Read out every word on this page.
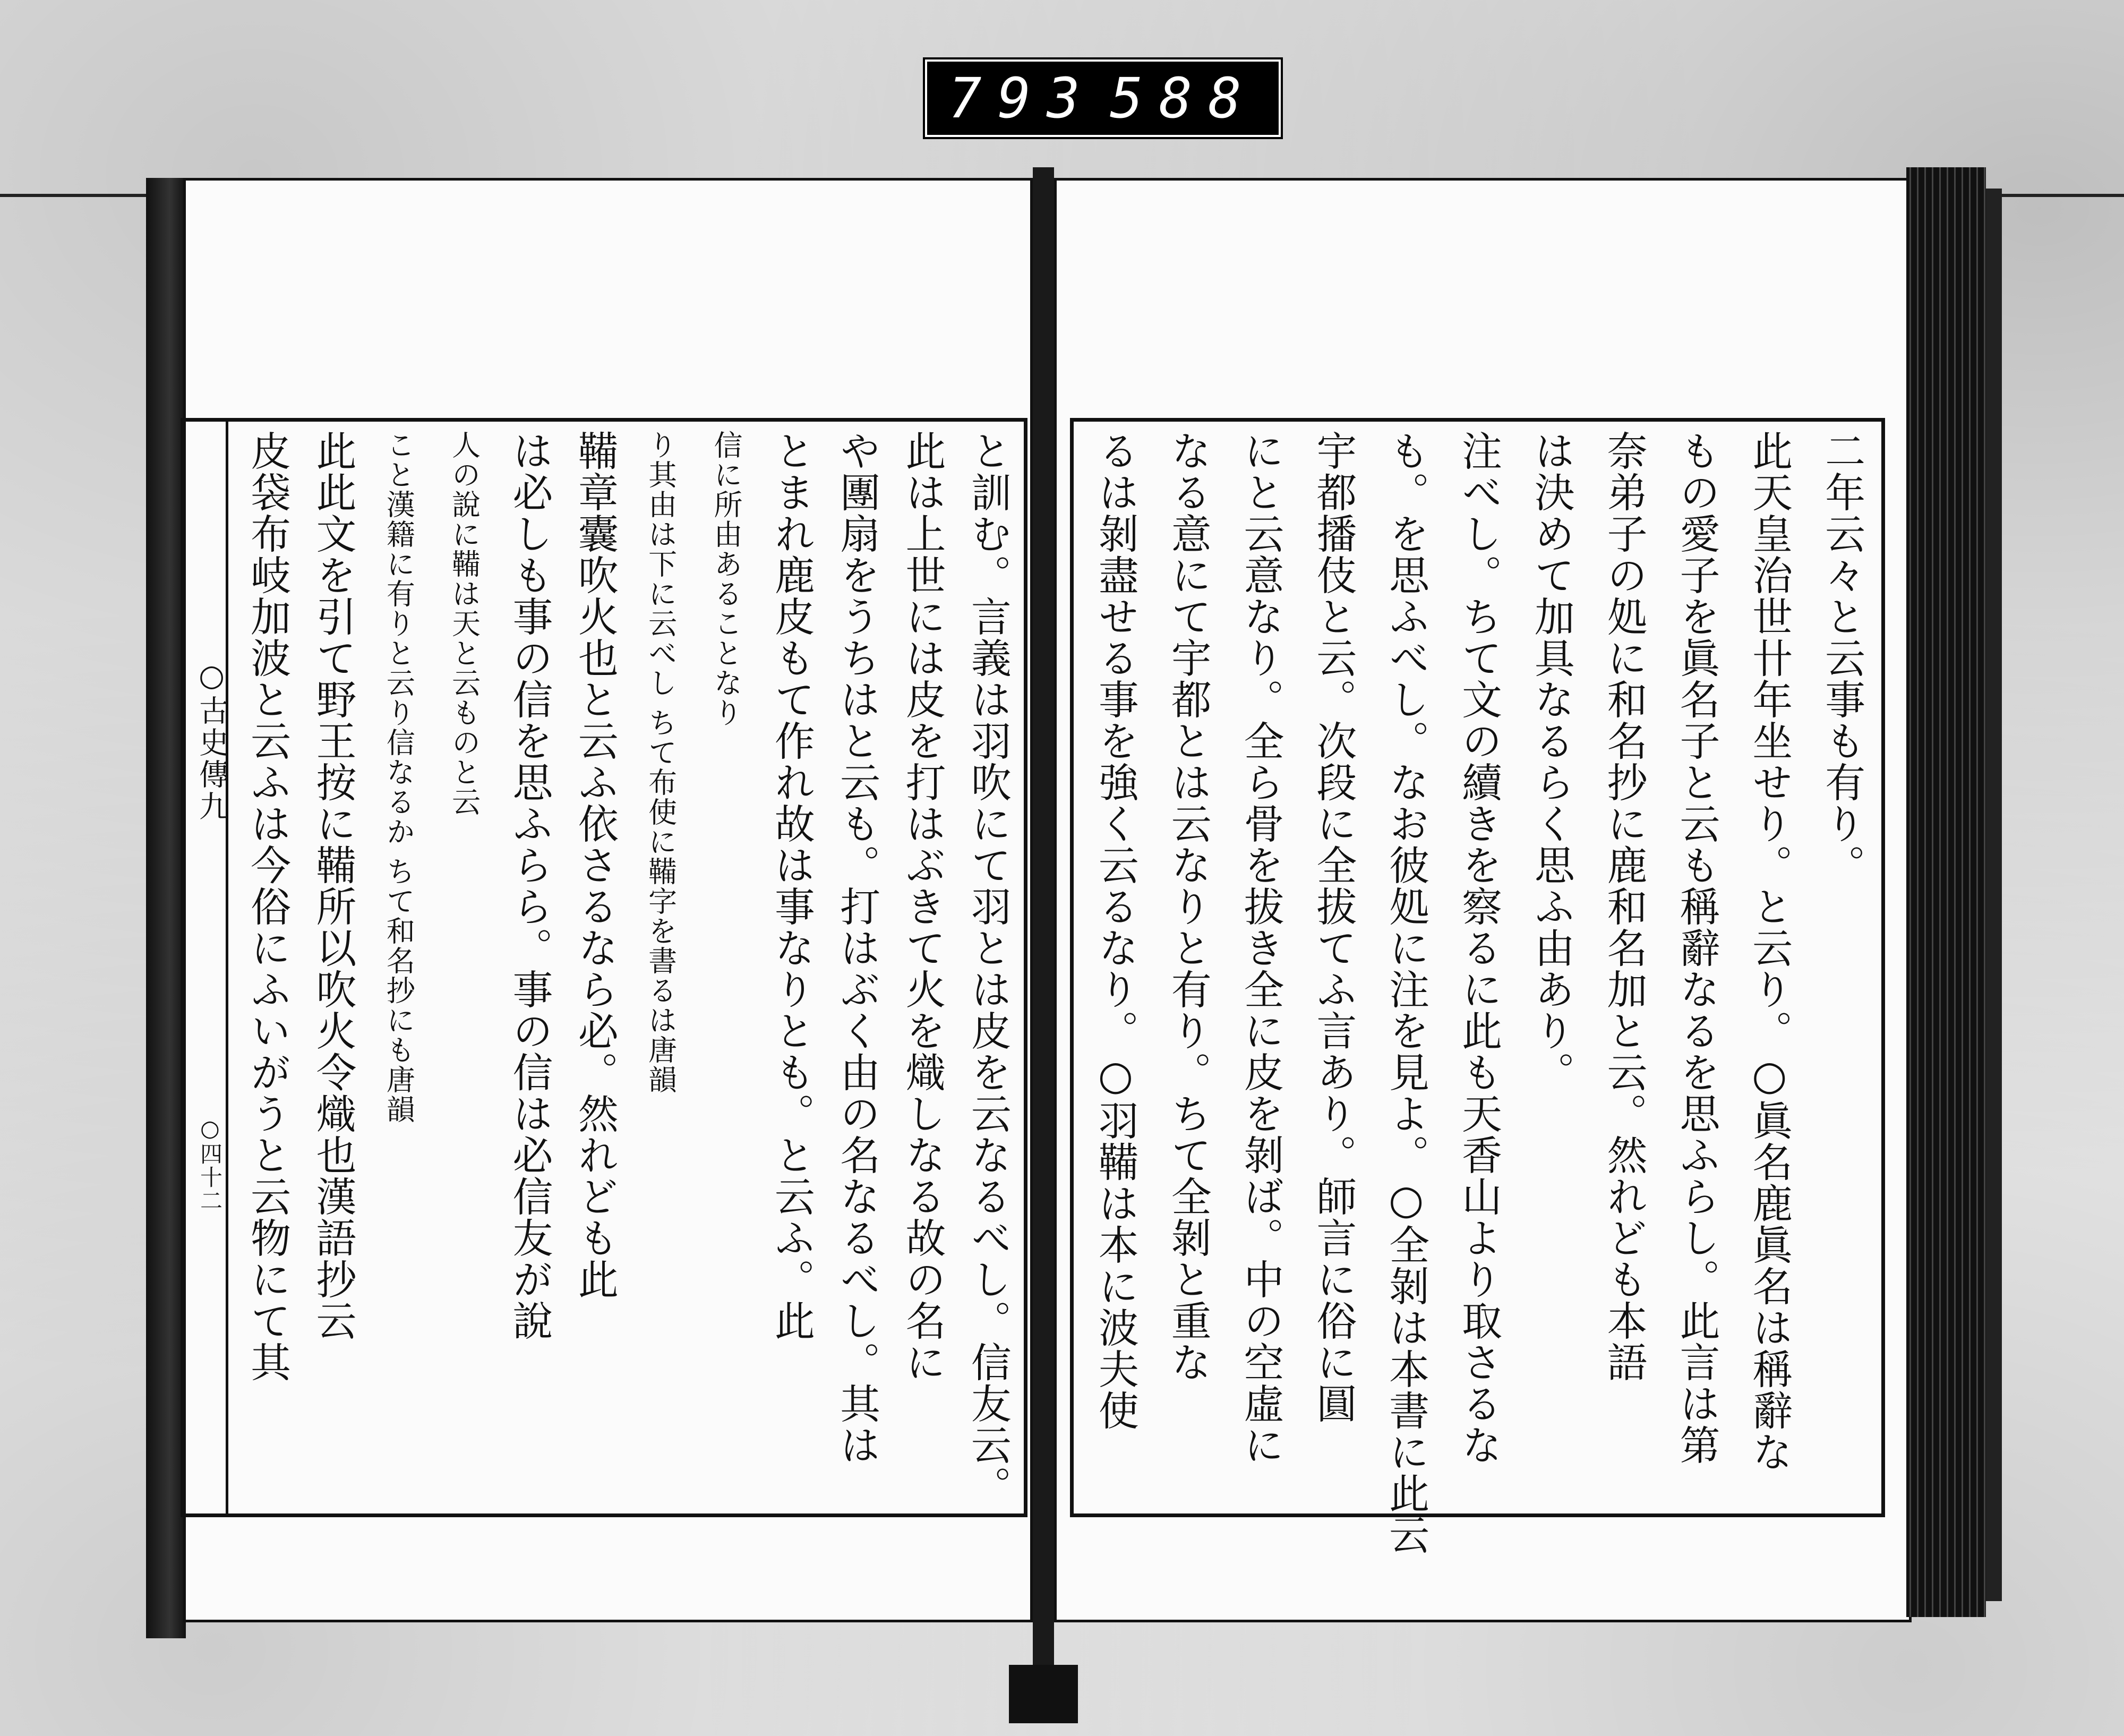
793 588
○古史傳九
○四十二 皮袋布岐加波と云ふは今俗にふいがうと云物にて其 此此文を引て野王按に鞴所以吹火令熾也漢語抄云 こと漢籍に有りと云り信なるか ちて和名抄にも唐韻 人の說に鞴は天と云ものと云 は必しも事の信を思ふらら。事の信は必信友が說 鞴章囊吹火也と云ふ依さるなら必。然れども此 り其由は下に云べし ちて布使に鞴字を書るは唐韻 信に所由あることなり とまれ鹿皮もて作れ故は事なりとも。と云ふ。此 や團扇をうちはと云も。打はぶく由の名なるべし。其は 此は上世には皮を打はぶきて火を熾しなる故の名に と訓む。言義は羽吹にて羽とは皮を云なるべし。信友云。 るは剝盡せる事を強く云るなり。○羽鞴は本に波夫使 なる意にて宇都とは云なりと有り。ちて全剝と重な にと云意なり。全ら骨を拔き全に皮を剝ば。中の空虛に 宇都播伎と云。次段に全拔てふ言あり。師言に俗に圓 も。を思ふべし。なお彼処に注を見よ。○全剝は本書に此云 注べし。ちて文の續きを察るに此も天香山より取さるな は決めて加具なるらく思ふ由あり。 奈弟子の処に和名抄に鹿和名加と云。然れども本語 もの愛子を眞名子と云も稱辭なるを思ふらし。此言は第 此天皇治世卄年坐せり。と云り。○眞名鹿眞名は稱辭な 二年云々と云事も有り。
